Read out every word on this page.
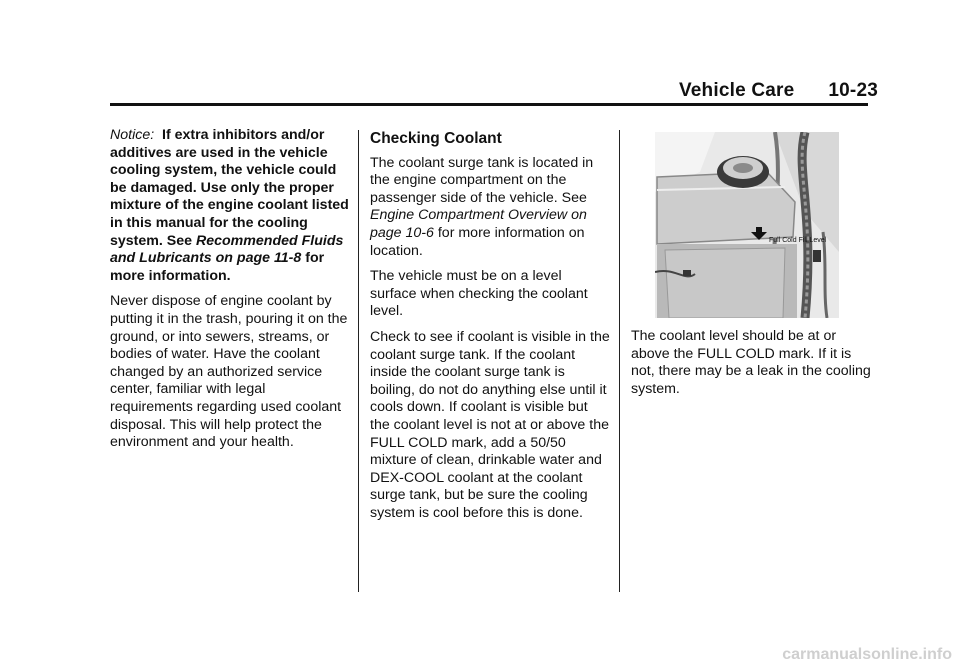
Vehicle Care 10-23

Notice: If extra inhibitors and/or additives are used in the vehicle cooling system, the vehicle could be damaged. Use only the proper mixture of the engine coolant listed in this manual for the cooling system. See Recommended Fluids and Lubricants on page 11-8 for more information.

Never dispose of engine coolant by putting it in the trash, pouring it on the ground, or into sewers, streams, or bodies of water. Have the coolant changed by an authorized service center, familiar with legal requirements regarding used coolant disposal. This will help protect the environment and your health.

Checking Coolant

The coolant surge tank is located in the engine compartment on the passenger side of the vehicle. See Engine Compartment Overview on page 10-6 for more information on location.

The vehicle must be on a level surface when checking the coolant level.

Check to see if coolant is visible in the coolant surge tank. If the coolant inside the coolant surge tank is boiling, do not do anything else until it cools down. If coolant is visible but the coolant level is not at or above the FULL COLD mark, add a 50/50 mixture of clean, drinkable water and DEX-COOL coolant at the coolant surge tank, but be sure the cooling system is cool before this is done.

Full Cold Fill Level

The coolant level should be at or above the FULL COLD mark. If it is not, there may be a leak in the cooling system.

carmanualsonline.info
